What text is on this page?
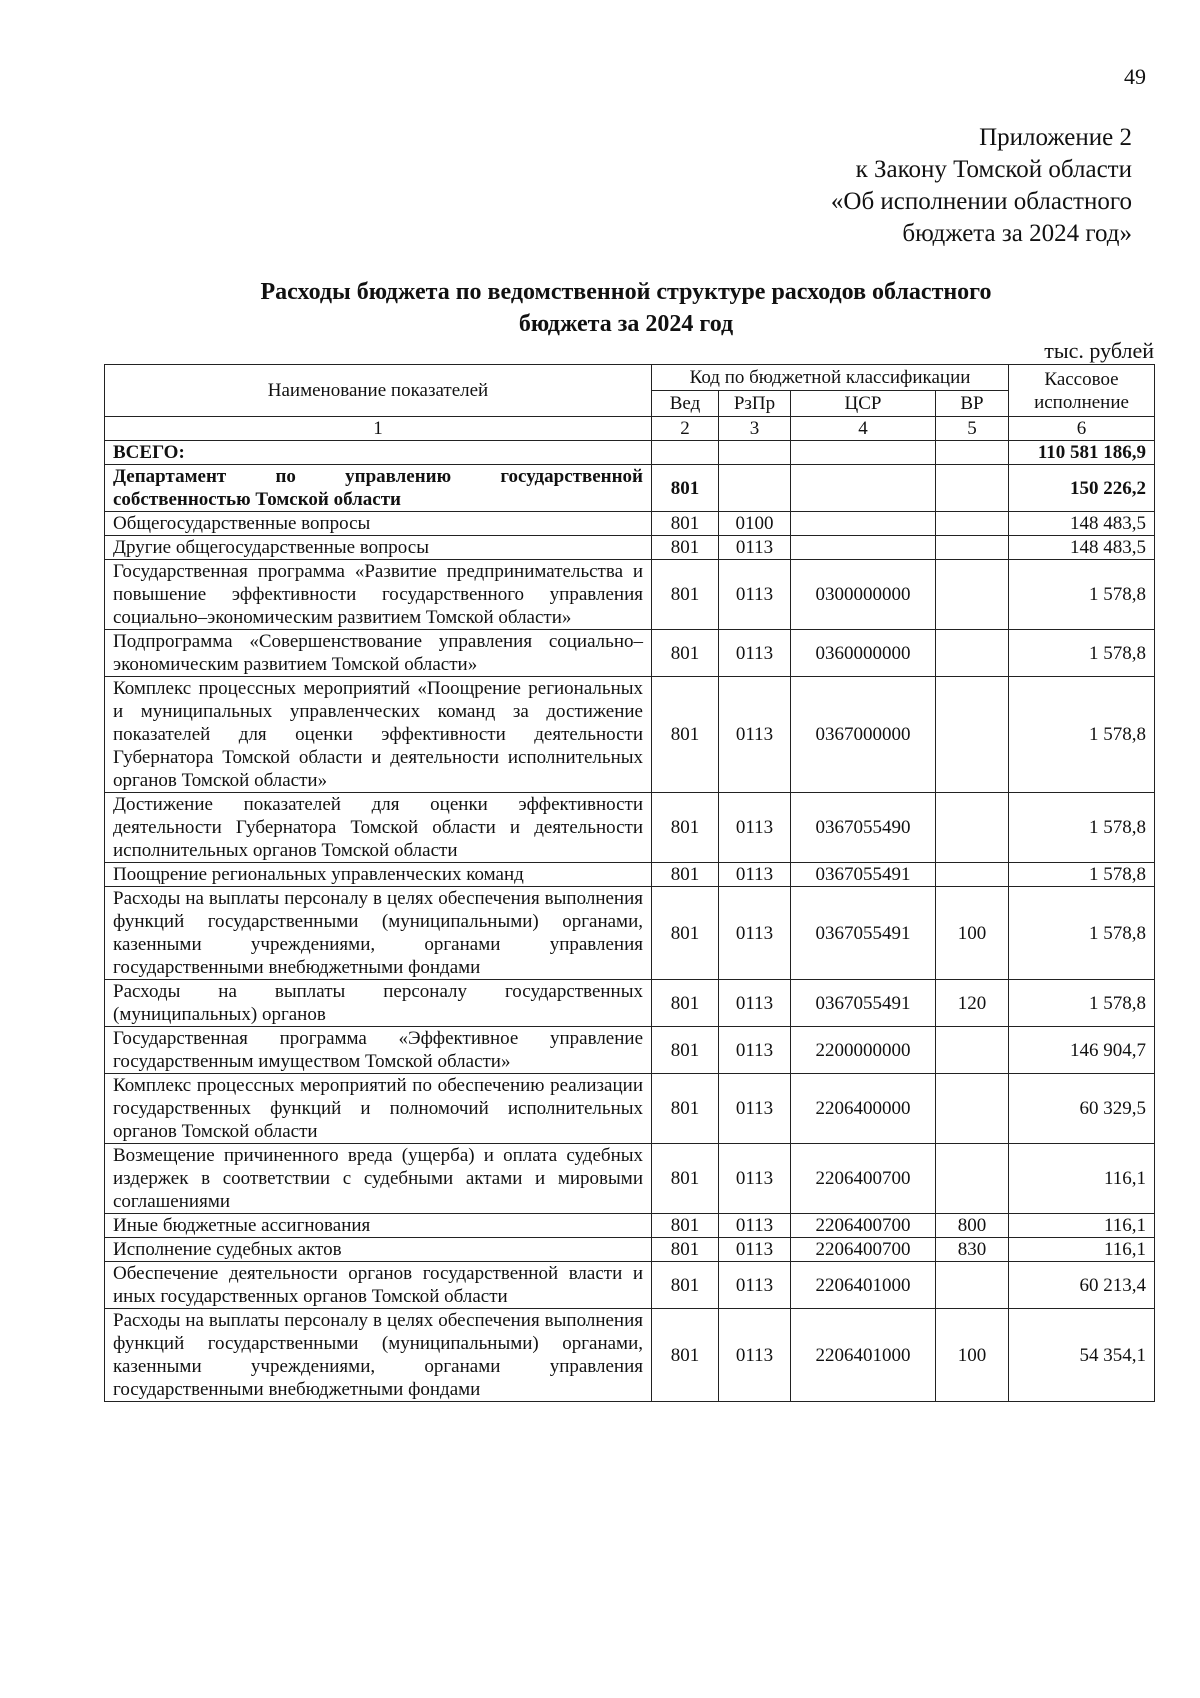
49
Приложение 2
к Закону Томской области
«Об исполнении областного
бюджета за 2024 год»
Расходы бюджета по ведомственной структуре расходов областного
бюджета за 2024 год
тыс. рублей
Наименование показателей	Код по бюджетной классификации				Кассовое исполнение
	Вед	РзПр	ЦСР	ВР	
1	2	3	4	5	6
ВСЕГО:					110 581 186,9
Департамент по управлению государственной собственностью Томской области	801				150 226,2
Общегосударственные вопросы	801	0100			148 483,5
Другие общегосударственные вопросы	801	0113			148 483,5
Государственная программа «Развитие предпринимательства и повышение эффективности государственного управления социально–экономическим развитием Томской области»	801	0113	0300000000		1 578,8
Подпрограмма «Совершенствование управления социально–экономическим развитием Томской области»	801	0113	0360000000		1 578,8
Комплекс процессных мероприятий «Поощрение региональных и муниципальных управленческих команд за достижение показателей для оценки эффективности деятельности Губернатора Томской области и деятельности исполнительных органов Томской области»	801	0113	0367000000		1 578,8
Достижение показателей для оценки эффективности деятельности Губернатора Томской области и деятельности исполнительных органов Томской области	801	0113	0367055490		1 578,8
Поощрение региональных управленческих команд	801	0113	0367055491		1 578,8
Расходы на выплаты персоналу в целях обеспечения выполнения функций государственными (муниципальными) органами, казенными учреждениями, органами управления государственными внебюджетными фондами	801	0113	0367055491	100	1 578,8
Расходы на выплаты персоналу государственных (муниципальных) органов	801	0113	0367055491	120	1 578,8
Государственная программа «Эффективное управление государственным имуществом Томской области»	801	0113	2200000000		146 904,7
Комплекс процессных мероприятий по обеспечению реализации государственных функций и полномочий исполнительных органов Томской области	801	0113	2206400000		60 329,5
Возмещение причиненного вреда (ущерба) и оплата судебных издержек в соответствии с судебными актами и мировыми соглашениями	801	0113	2206400700		116,1
Иные бюджетные ассигнования	801	0113	2206400700	800	116,1
Исполнение судебных актов	801	0113	2206400700	830	116,1
Обеспечение деятельности органов государственной власти и иных государственных органов Томской области	801	0113	2206401000		60 213,4
Расходы на выплаты персоналу в целях обеспечения выполнения функций государственными (муниципальными) органами, казенными учреждениями, органами управления государственными внебюджетными фондами	801	0113	2206401000	100	54 354,1
